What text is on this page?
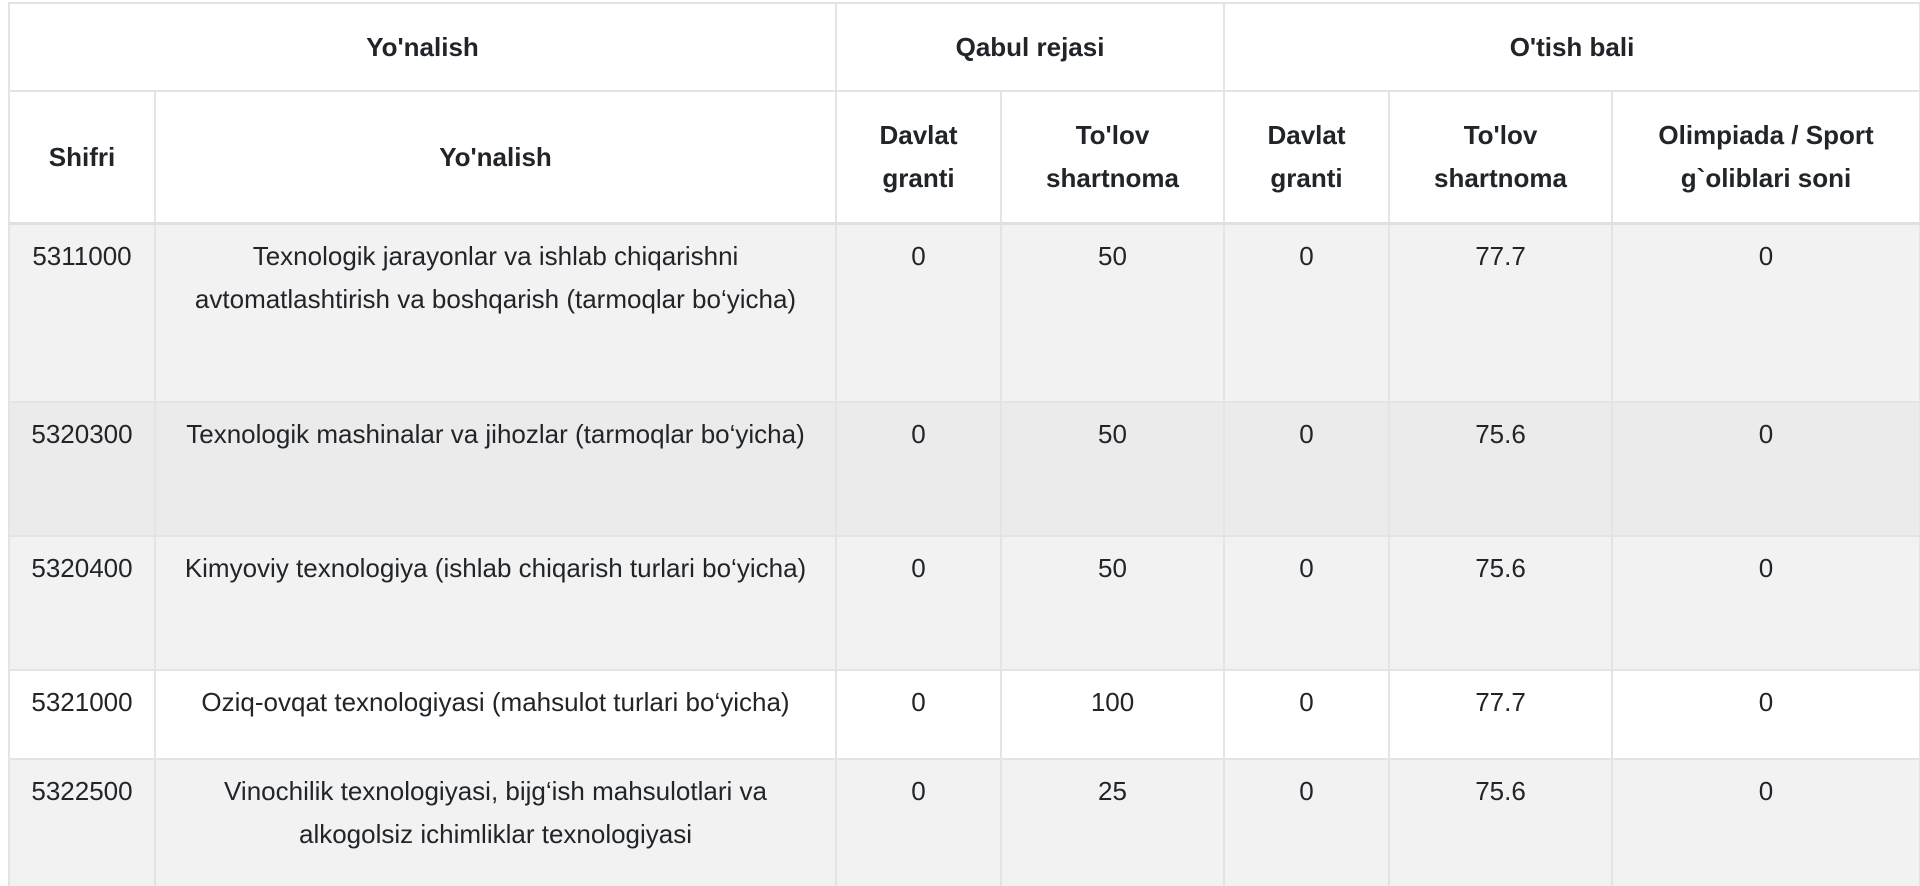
Yo'nalish		Qabul rejasi		O'tish bali		
Shifri	Yo'nalish	Davlat granti	To'lov shartnoma	Davlat granti	To'lov shartnoma	Olimpiada / Sport g`oliblari soni
5311000	Texnologik jarayonlar va ishlab chiqarishni avtomatlashtirish va boshqarish (tarmoqlar bo‘yicha)	0	50	0	77.7	0
5320300	Texnologik mashinalar va jihozlar (tarmoqlar bo‘yicha)	0	50	0	75.6	0
5320400	Kimyoviy texnologiya (ishlab chiqarish turlari bo‘yicha)	0	50	0	75.6	0
5321000	Oziq-ovqat texnologiyasi (mahsulot turlari bo‘yicha)	0	100	0	77.7	0
5322500	Vinochilik texnologiyasi, bijg‘ish mahsulotlari va alkogolsiz ichimliklar texnologiyasi	0	25	0	75.6	0
